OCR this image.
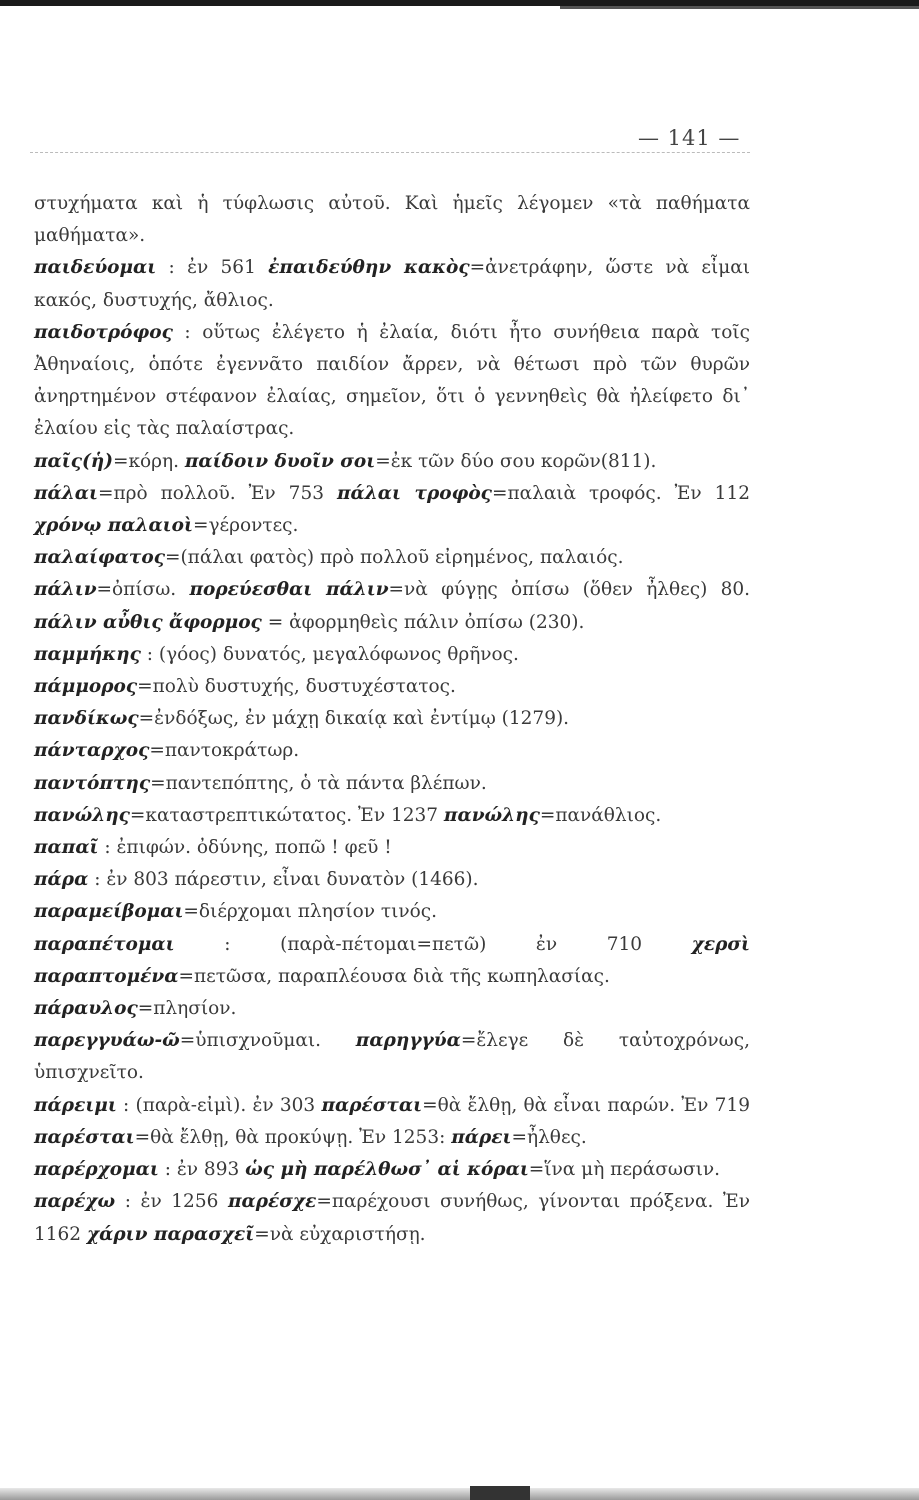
— 141 —

στυχήματα καὶ ἡ τύφλωσις αὐτοῦ. Καὶ ἡμεῖς λέγομεν «τὰ παθήματα μαθήματα».

παιδεύομαι : ἐν 561 ἐπαιδεύθην κακὸς=ἀνετράφην, ὥστε νὰ εἶμαι κακός, δυστυχής, ἄθλιος.

παιδοτρόφος : οὕτως ἐλέγετο ἡ ἐλαία, διότι ἦτο συνήθεια παρὰ τοῖς Ἀθηναίοις, ὁπότε ἐγεννᾶτο παιδίον ἄρρεν, νὰ θέτωσι πρὸ τῶν θυρῶν ἀνηρτημένον στέφανον ἐλαίας, σημεῖον, ὅτι ὁ γεννηθεὶς θὰ ἠλείφετο δι᾽ ἐλαίου εἰς τὰς παλαίστρας.

παῖς(ἡ)=κόρη. παίδοιν δυοῖν σοι=ἐκ τῶν δύο σου κορῶν(811).

πάλαι=πρὸ πολλοῦ. Ἐν 753 πάλαι τροφὸς=παλαιὰ τροφός. Ἐν 112 χρόνῳ παλαιοὶ=γέροντες.

παλαίφατος=(πάλαι φατὸς) πρὸ πολλοῦ εἰρημένος, παλαιός.

πάλιν=ὀπίσω. πορεύεσθαι πάλιν=νὰ φύγῃς ὀπίσω (ὅθεν ἦλθες) 80. πάλιν αὖθις ἄφορμος = ἀφορμηθεὶς πάλιν ὀπίσω (230).

παμμήκης : (γόος) δυνατός, μεγαλόφωνος θρῆνος.

πάμμορος=πολὺ δυστυχής, δυστυχέστατος.

πανδίκως=ἐνδόξως, ἐν μάχῃ δικαίᾳ καὶ ἐντίμῳ (1279).

πάνταρχος=παντοκράτωρ.

παντόπτης=παντεπόπτης, ὁ τὰ πάντα βλέπων.

πανώλης=καταστρεπτικώτατος. Ἐν 1237 πανώλης=πανάθλιος.

παπαῖ : ἐπιφών. ὀδύνης, ποπῶ ! φεῦ !

πάρα : ἐν 803 πάρεστιν, εἶναι δυνατὸν (1466).

παραμείβομαι=διέρχομαι πλησίον τινός.

παραπέτομαι : (παρὰ-πέτομαι=πετῶ) ἐν 710 χερσὶ παραπτομένα=πετῶσα, παραπλέουσα διὰ τῆς κωπηλασίας.

πάραυλος=πλησίον.

παρεγγυάω-ῶ=ὑπισχνοῦμαι. παρηγγύα=ἔλεγε δὲ ταὐτοχρόνως, ὑπισχνεῖτο.

πάρειμι : (παρὰ-εἰμὶ). ἐν 303 παρέσται=θὰ ἔλθῃ, θὰ εἶναι παρών. Ἐν 719 παρέσται=θὰ ἔλθῃ, θὰ προκύψῃ. Ἐν 1253: πάρει=ἦλθες.

παρέρχομαι : ἐν 893 ὡς μὴ παρέλθωσ᾽ αἱ κόραι=ἵνα μὴ περάσωσιν.

παρέχω : ἐν 1256 παρέσχε=παρέχουσι συνήθως, γίνονται πρόξενα. Ἐν 1162 χάριν παρασχεῖ=νὰ εὐχαριστήσῃ.
